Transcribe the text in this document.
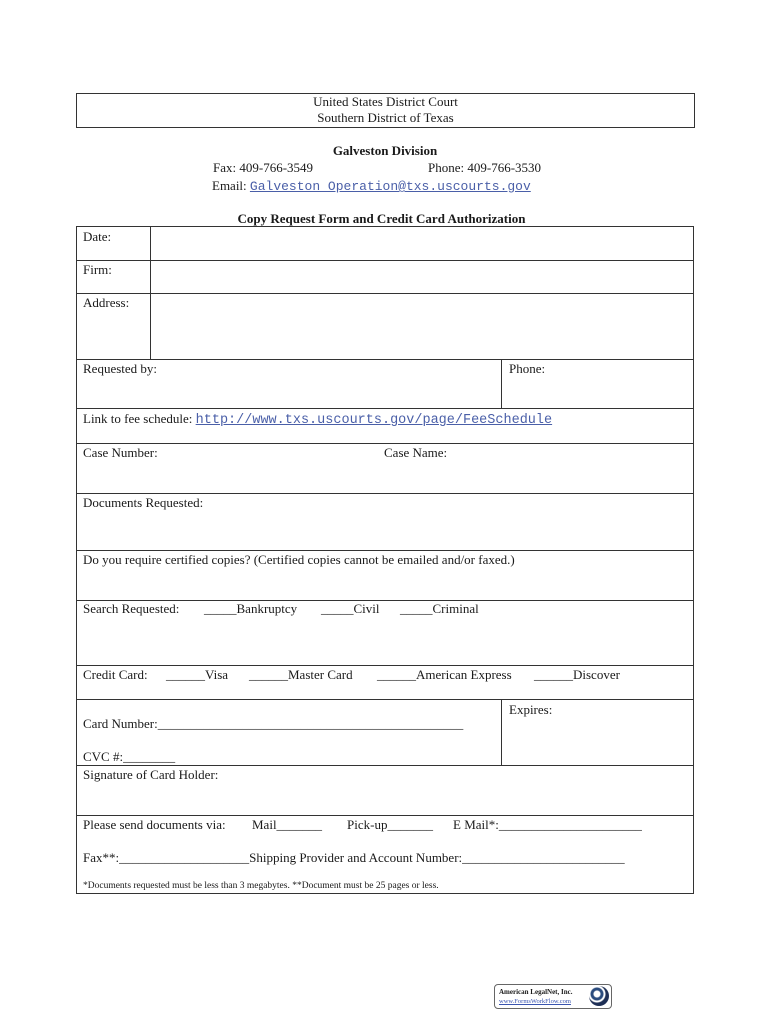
United States District Court
Southern District of Texas
Galveston Division
Fax: 409-766-3549	Phone: 409-766-3530
Email: Galveston_Operation@txs.uscourts.gov
Copy Request Form and Credit Card Authorization
Date:
Firm:
Address:
Requested by:	Phone:
Link to fee schedule: http://www.txs.uscourts.gov/page/FeeSchedule
Case Number:	Case Name:
Documents Requested:
Do you require certified copies? (Certified copies cannot be emailed and/or faxed.)
Search Requested: _____Bankruptcy _____Civil _____Criminal
Credit Card: ______Visa ______Master Card ______American Express ______Discover
Expires:
Card Number:_______________________________________________
CVC #:________
Signature of Card Holder:
Please send documents via: Mail_______ Pick-up_______ E Mail*:______________________
Fax**:____________________Shipping Provider and Account Number:_________________________
*Documents requested must be less than 3 megabytes. **Document must be 25 pages or less.
American LegalNet, Inc.
www.FormsWorkFlow.com
